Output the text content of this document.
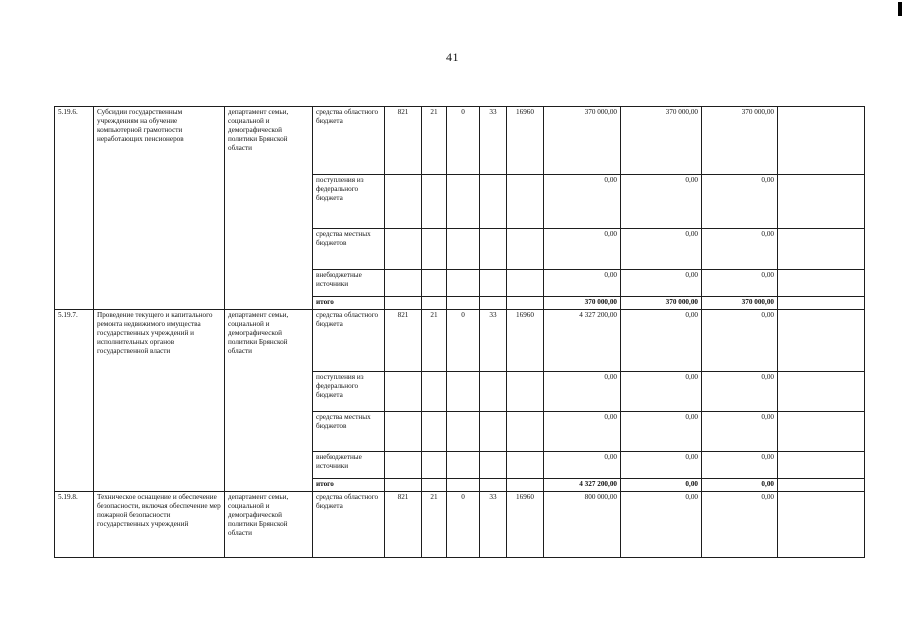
41
5.19.6.	Субсидии государственным учреждениям на обучение компьютерной грамотности неработающих пенсионеров	департамент семьи, социальной и демографической политики Брянской области	средства областного бюджета	821	21	0	33	16960	370 000,00	370 000,00	370 000,00	
			поступления из федерального бюджета						0,00	0,00	0,00	
			средства местных бюджетов						0,00	0,00	0,00	
			внебюджетные источники						0,00	0,00	0,00	
			итого						370 000,00	370 000,00	370 000,00	
5.19.7.	Проведение текущего и капитального ремонта недвижимого имущества государственных учреждений и исполнительных органов государственной власти	департамент семьи, социальной и демографической политики Брянской области	средства областного бюджета	821	21	0	33	16960	4 327 200,00	0,00	0,00	
			поступления из федерального бюджета						0,00	0,00	0,00	
			средства местных бюджетов						0,00	0,00	0,00	
			внебюджетные источники						0,00	0,00	0,00	
			итого						4 327 200,00	0,00	0,00	
5.19.8.	Техническое оснащение и обеспечение безопасности, включая обеспечение мер пожарной безопасности государственных учреждений	департамент семьи, социальной и демографической политики Брянской области	средства областного бюджета	821	21	0	33	16960	800 000,00	0,00	0,00	
